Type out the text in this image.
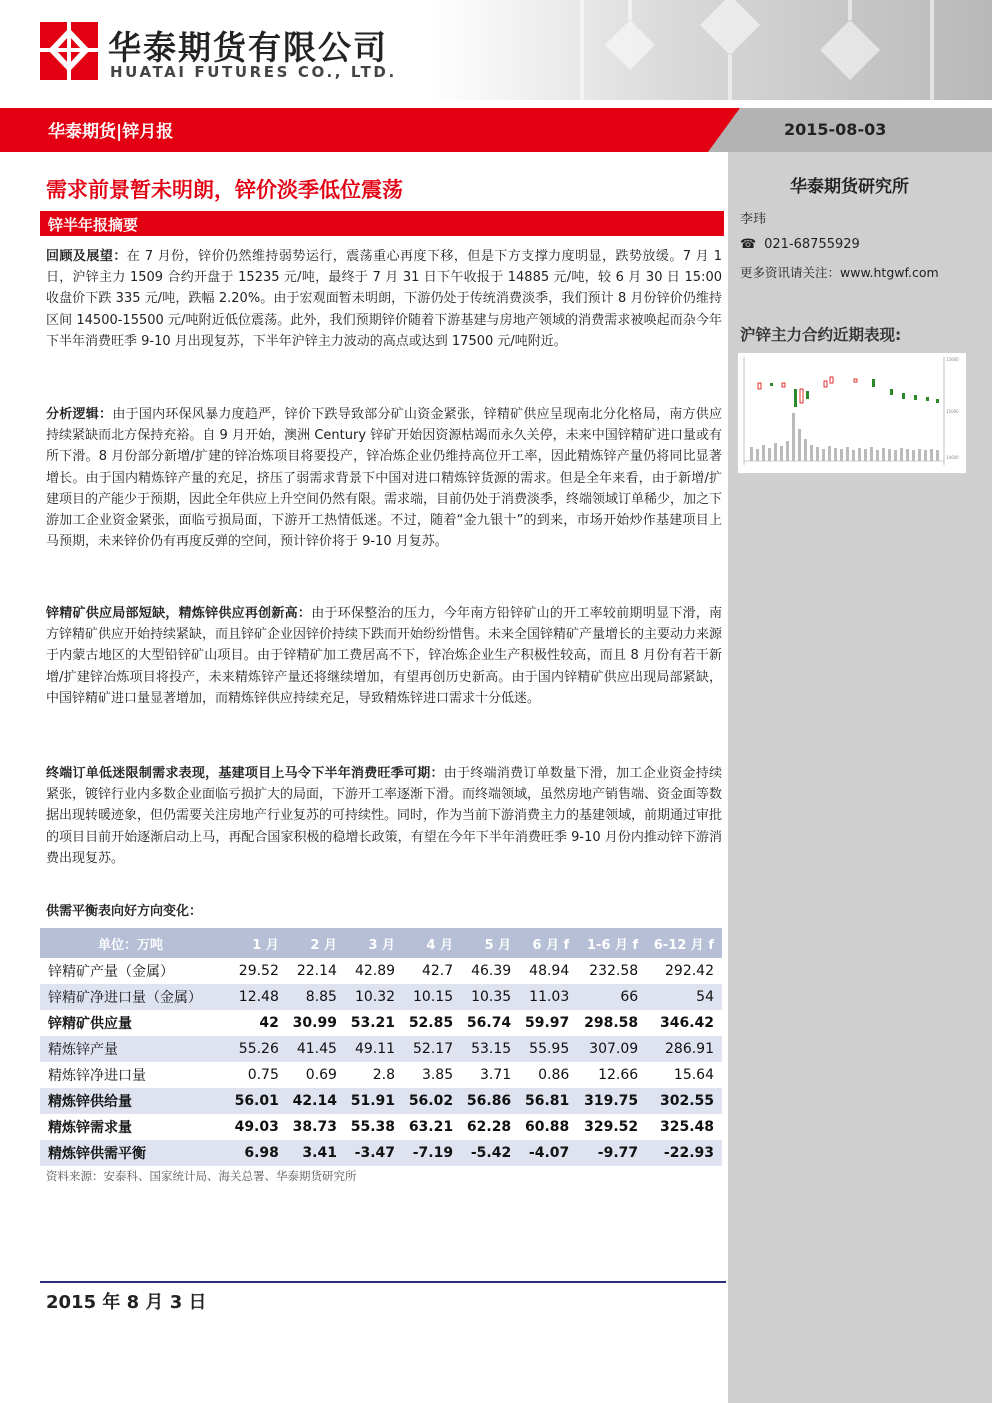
华泰期货有限公司
HUATAI FUTURES CO., LTD.
华泰期货|锌月报	2015-08-03
华泰期货研究所
李玮
☎ 021-68755929
更多资讯请关注：www.htgwf.com
沪锌主力合约近期表现:
15600
15000
14600
需求前景暂未明朗，锌价淡季低位震荡
锌半年报摘要
回顾及展望：在 7 月份，锌价仍然维持弱势运行，震荡重心再度下移，但是下方支撑力度明显，跌势放缓。7 月 1 日，沪锌主力 1509 合约开盘于 15235 元/吨，最终于 7 月 31 日下午收报于 14885 元/吨，较 6 月 30 日 15:00 收盘价下跌 335 元/吨，跌幅 2.20%。由于宏观面暂未明朗，下游仍处于传统消费淡季，我们预计 8 月份锌价仍维持区间 14500-15500 元/吨附近低位震荡。此外，我们预期锌价随着下游基建与房地产领域的消费需求被唤起而杂今年下半年消费旺季 9-10 月出现复苏，下半年沪锌主力波动的高点或达到 17500 元/吨附近。
分析逻辑：由于国内环保风暴力度趋严，锌价下跌导致部分矿山资金紧张，锌精矿供应呈现南北分化格局，南方供应持续紧缺而北方保持充裕。自 9 月开始，澳洲 Century 锌矿开始因资源枯竭而永久关停，未来中国锌精矿进口量或有所下滑。8 月份部分新增/扩建的锌冶炼项目将要投产，锌冶炼企业仍维持高位开工率，因此精炼锌产量仍将同比显著增长。由于国内精炼锌产量的充足，挤压了弱需求背景下中国对进口精炼锌货源的需求。但是全年来看，由于新增/扩建项目的产能少于预期，因此全年供应上升空间仍然有限。需求端，目前仍处于消费淡季，终端领域订单稀少，加之下游加工企业资金紧张，面临亏损局面，下游开工热情低迷。不过，随着“金九银十”的到来，市场开始炒作基建项目上马预期，未来锌价仍有再度反弹的空间，预计锌价将于 9-10 月复苏。
锌精矿供应局部短缺，精炼锌供应再创新高：由于环保整治的压力，今年南方铅锌矿山的开工率较前期明显下滑，南方锌精矿供应开始持续紧缺，而且锌矿企业因锌价持续下跌而开始纷纷惜售。未来全国锌精矿产量增长的主要动力来源于内蒙古地区的大型铅锌矿山项目。由于锌精矿加工费居高不下，锌冶炼企业生产积极性较高，而且 8 月份有若干新增/扩建锌冶炼项目将投产，未来精炼锌产量还将继续增加，有望再创历史新高。由于国内锌精矿供应出现局部紧缺，中国锌精矿进口量显著增加，而精炼锌供应持续充足，导致精炼锌进口需求十分低迷。
终端订单低迷限制需求表现，基建项目上马令下半年消费旺季可期：由于终端消费订单数量下滑，加工企业资金持续紧张，镀锌行业内多数企业面临亏损扩大的局面，下游开工率逐渐下滑。而终端领域，虽然房地产销售端、资金面等数据出现转暖迹象，但仍需要关注房地产行业复苏的可持续性。同时，作为当前下游消费主力的基建领域，前期通过审批的项目目前开始逐渐启动上马，再配合国家积极的稳增长政策，有望在今年下半年消费旺季 9-10 月份内推动锌下游消费出现复苏。
供需平衡表向好方向变化：
单位：万吨	1 月	2 月	3 月	4 月	5 月	6 月 f	1-6 月 f	6-12 月 f
锌精矿产量（金属）	29.52	22.14	42.89	42.7	46.39	48.94	232.58	292.42
锌精矿净进口量（金属）	12.48	8.85	10.32	10.15	10.35	11.03	66	54
锌精矿供应量	42	30.99	53.21	52.85	56.74	59.97	298.58	346.42
精炼锌产量	55.26	41.45	49.11	52.17	53.15	55.95	307.09	286.91
精炼锌净进口量	0.75	0.69	2.8	3.85	3.71	0.86	12.66	15.64
精炼锌供给量	56.01	42.14	51.91	56.02	56.86	56.81	319.75	302.55
精炼锌需求量	49.03	38.73	55.38	63.21	62.28	60.88	329.52	325.48
精炼锌供需平衡	6.98	3.41	-3.47	-7.19	-5.42	-4.07	-9.77	-22.93
资料来源：安泰科、国家统计局、海关总署、华泰期货研究所
2015 年 8 月 3 日
